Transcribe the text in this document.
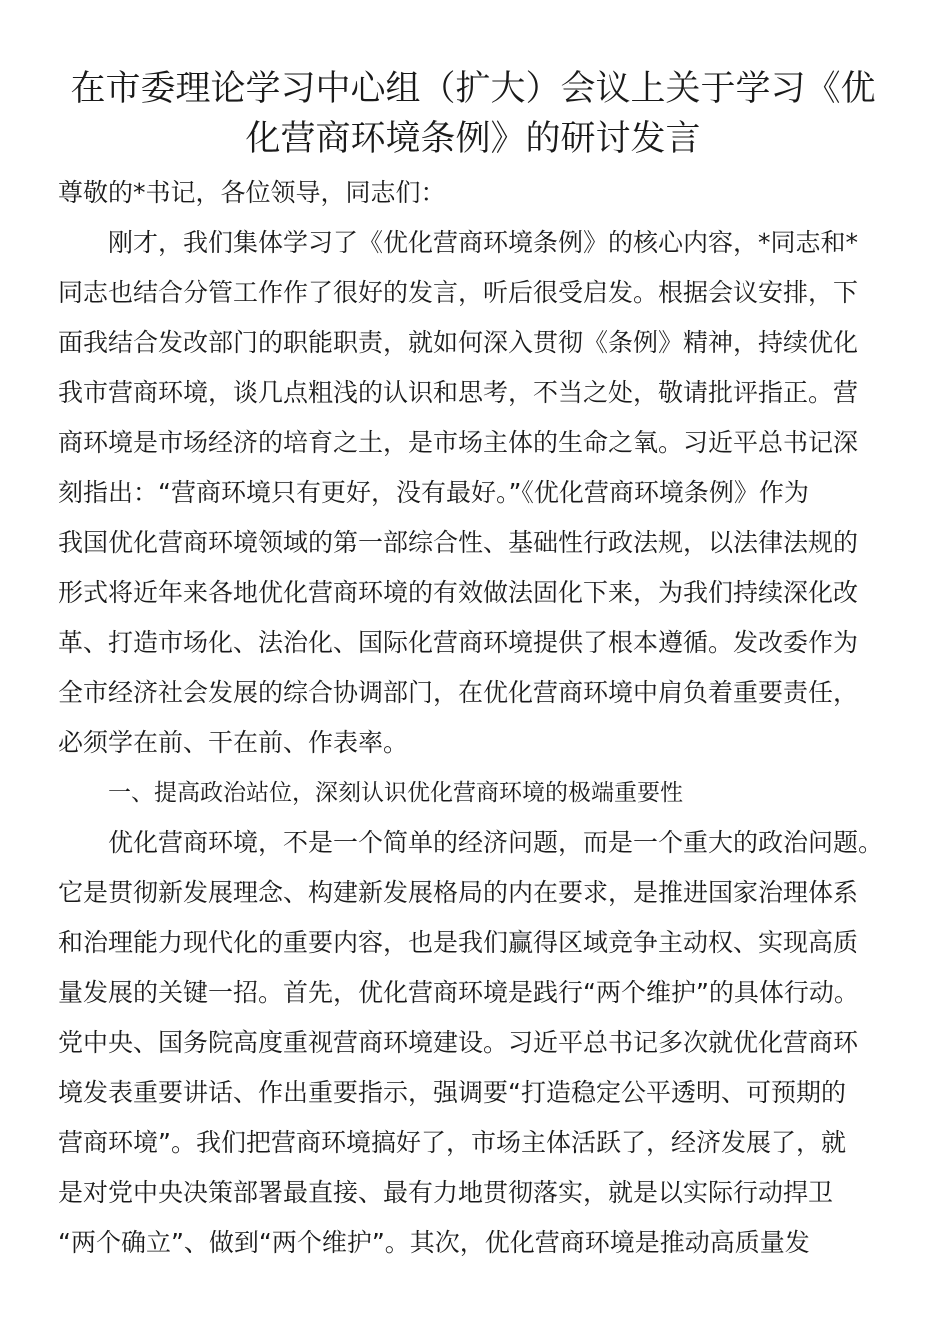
在市委理论学习中心组（扩大）会议上关于学习《优
化营商环境条例》的研讨发言
尊敬的*书记，各位领导，同志们：
刚才，我们集体学习了《优化营商环境条例》的核心内容，*同志和*
同志也结合分管工作作了很好的发言，听后很受启发。根据会议安排，下
面我结合发改部门的职能职责，就如何深入贯彻《条例》精神，持续优化
我市营商环境，谈几点粗浅的认识和思考，不当之处，敬请批评指正。营
商环境是市场经济的培育之土，是市场主体的生命之氧。习近平总书记深
刻指出：“营商环境只有更好，没有最好。”《优化营商环境条例》作为
我国优化营商环境领域的第一部综合性、基础性行政法规，以法律法规的
形式将近年来各地优化营商环境的有效做法固化下来，为我们持续深化改
革、打造市场化、法治化、国际化营商环境提供了根本遵循。发改委作为
全市经济社会发展的综合协调部门，在优化营商环境中肩负着重要责任，
必须学在前、干在前、作表率。
一、提高政治站位，深刻认识优化营商环境的极端重要性
优化营商环境，不是一个简单的经济问题，而是一个重大的政治问题。
它是贯彻新发展理念、构建新发展格局的内在要求，是推进国家治理体系
和治理能力现代化的重要内容，也是我们赢得区域竞争主动权、实现高质
量发展的关键一招。首先，优化营商环境是践行“两个维护”的具体行动。
党中央、国务院高度重视营商环境建设。习近平总书记多次就优化营商环
境发表重要讲话、作出重要指示，强调要“打造稳定公平透明、可预期的
营商环境”。我们把营商环境搞好了，市场主体活跃了，经济发展了，就
是对党中央决策部署最直接、最有力地贯彻落实，就是以实际行动捍卫
“两个确立”、做到“两个维护”。其次，优化营商环境是推动高质量发
